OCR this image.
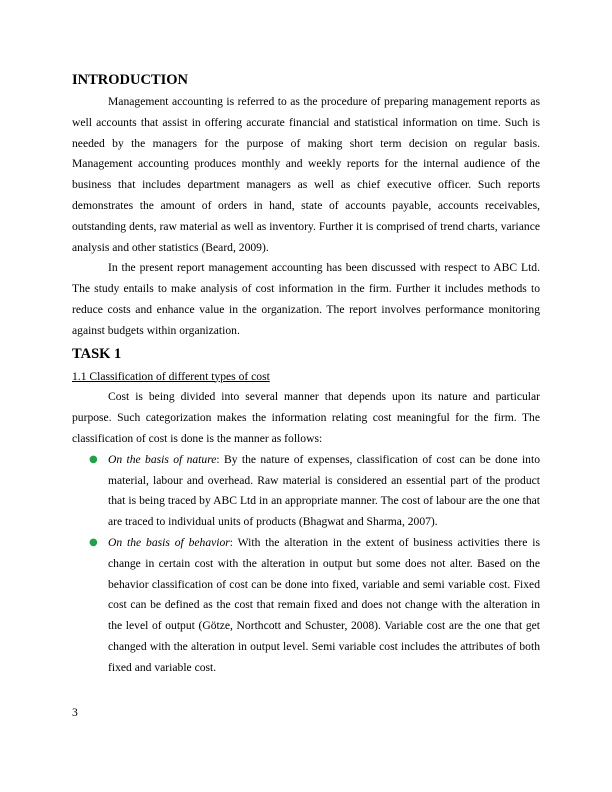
INTRODUCTION

Management accounting is referred to as the procedure of preparing management reports as well accounts that assist in offering accurate financial and statistical information on time. Such is needed by the managers for the purpose of making short term decision on regular basis. Management accounting produces monthly and weekly reports for the internal audience of the business that includes department managers as well as chief executive officer. Such reports demonstrates the amount of orders in hand, state of accounts payable, accounts receivables, outstanding dents, raw material as well as inventory. Further it is comprised of trend charts, variance analysis and other statistics (Beard, 2009).

In the present report management accounting has been discussed with respect to ABC Ltd. The study entails to make analysis of cost information in the firm. Further it includes methods to reduce costs and enhance value in the organization. The report involves performance monitoring against budgets within organization.

TASK 1
1.1 Classification of different types of cost

Cost is being divided into several manner that depends upon its nature and particular purpose. Such categorization makes the information relating cost meaningful for the firm. The classification of cost is done is the manner as follows:

● On the basis of nature: By the nature of expenses, classification of cost can be done into material, labour and overhead. Raw material is considered an essential part of the product that is being traced by ABC Ltd in an appropriate manner. The cost of labour are the one that are traced to individual units of products (Bhagwat and Sharma, 2007).
● On the basis of behavior: With the alteration in the extent of business activities there is change in certain cost with the alteration in output but some does not alter. Based on the behavior classification of cost can be done into fixed, variable and semi variable cost. Fixed cost can be defined as the cost that remain fixed and does not change with the alteration in the level of output (Götze, Northcott and Schuster, 2008). Variable cost are the one that get changed with the alteration in output level. Semi variable cost includes the attributes of both fixed and variable cost.
3
